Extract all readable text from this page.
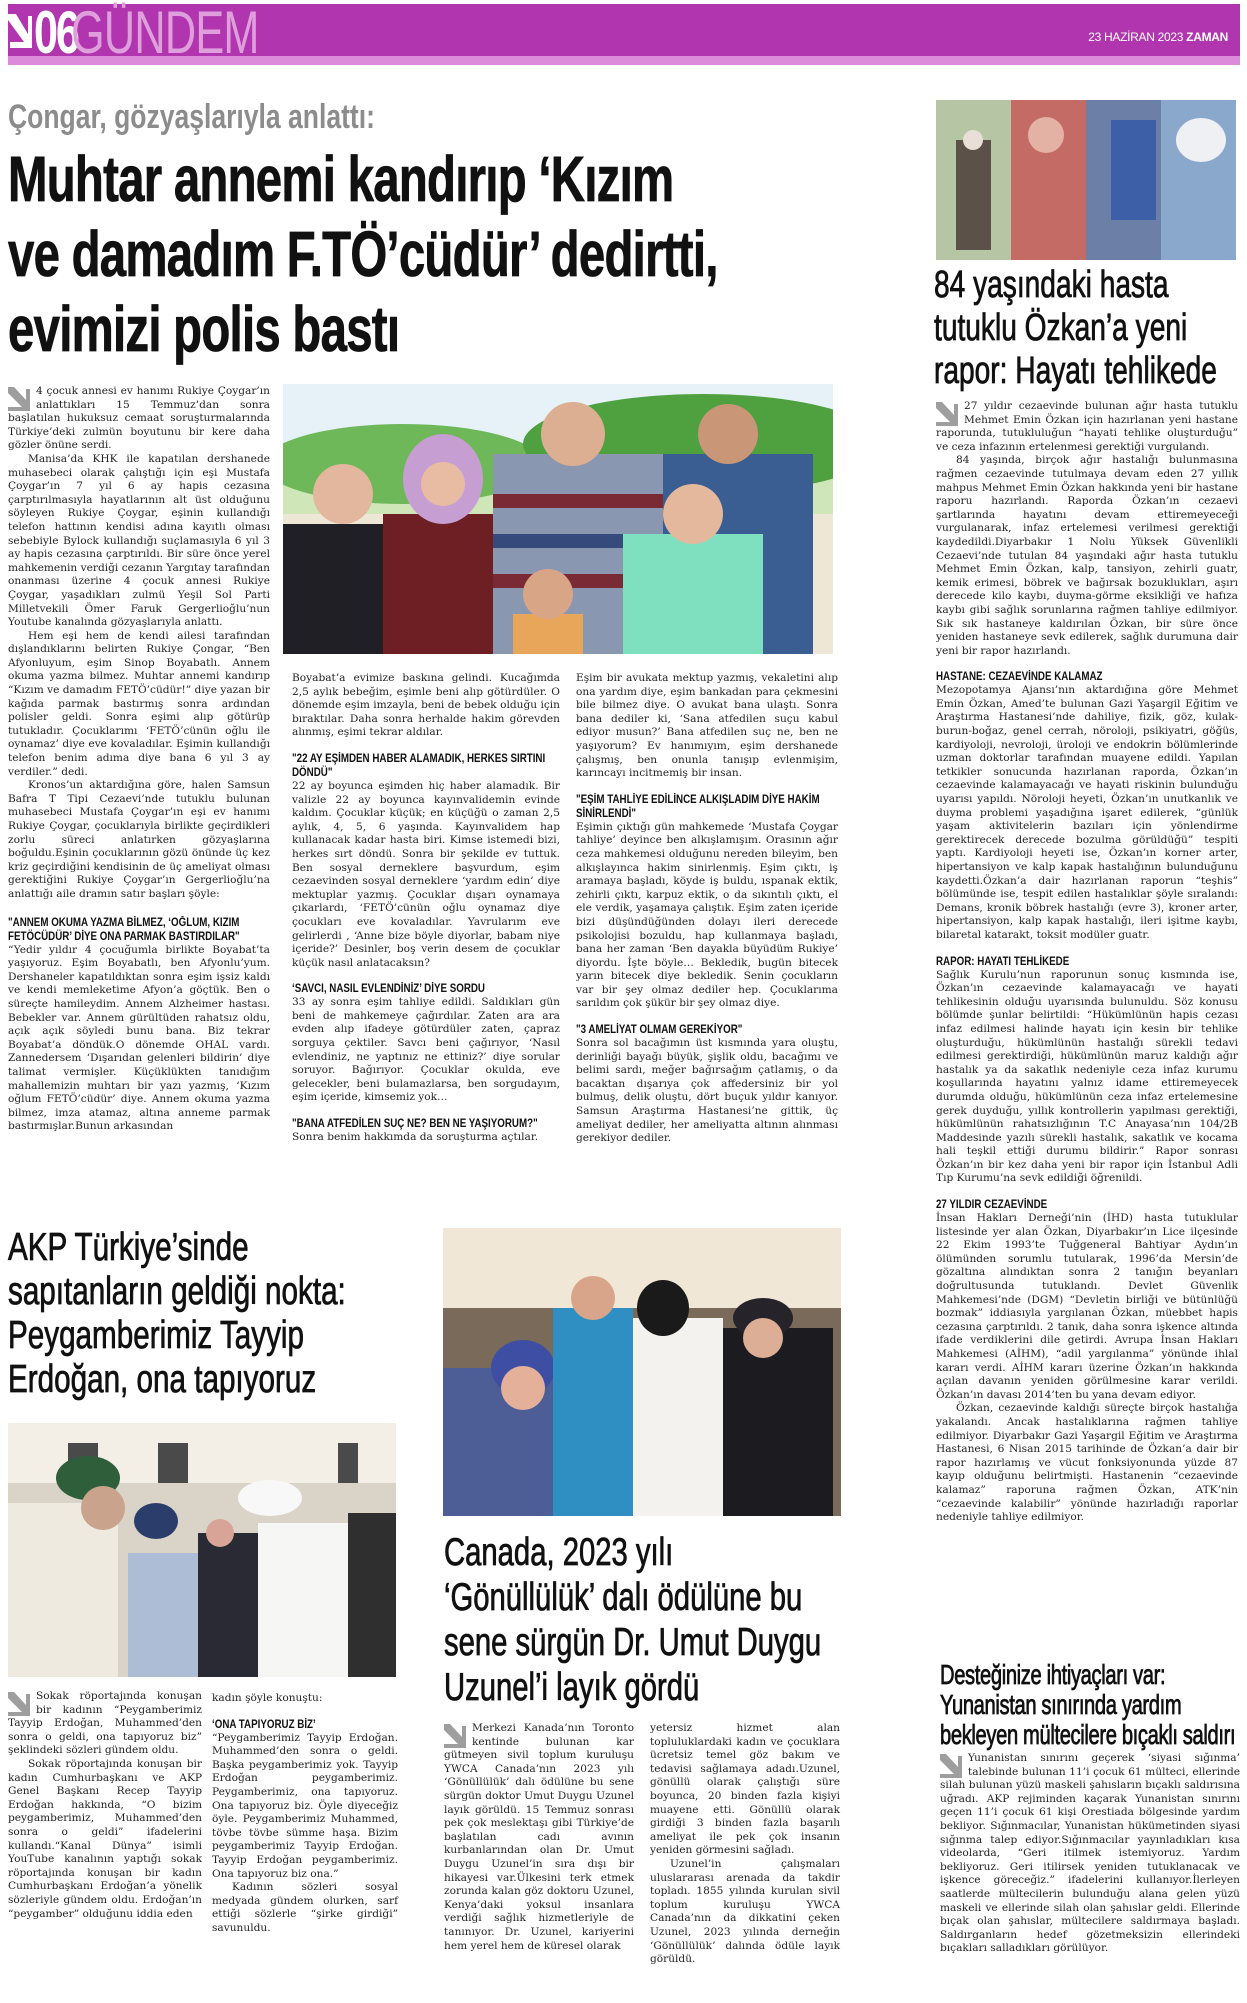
06
GÜNDEM	23 HAZİRAN 2023 ZAMAN
Çongar, gözyaşlarıyla anlattı:
Muhtar annemi kandırıp ‘Kızım
ve damadım F.TÖ’cüdür’ dedirtti,
evimizi polis bastı

4 çocuk annesi ev hanımı Rukiye Çoygar’ın anlattıkları 15 Temmuz’dan sonra başlatılan hukuksuz cemaat soruşturmalarında Türkiye’deki zulmün boyutunu bir kere daha gözler önüne serdi.

Manisa’da KHK ile kapatılan dershanede muhasebeci olarak çalıştığı için eşi Mustafa Çoygar’ın 7 yıl 6 ay hapis cezasına çarptırılmasıyla hayatlarının alt üst olduğunu söyleyen Rukiye Çoygar, eşinin kullandığı telefon hattının kendisi adına kayıtlı olması sebebiyle Bylock kullandığı suçlamasıyla 6 yıl 3 ay hapis cezasına çarptırıldı. Bir süre önce yerel mahkemenin verdiği cezanın Yargıtay tarafından onanması üzerine 4 çocuk annesi Rukiye Çoygar, yaşadıkları zulmü Yeşil Sol Parti Milletvekili Ömer Faruk Gergerlioğlu’nun Youtube kanalında gözyaşlarıyla anlattı.

Hem eşi hem de kendi ailesi tarafından dışlandıklarını belirten Rukiye Çongar, “Ben Afyonluyum, eşim Sinop Boyabatlı. Annem okuma yazma bilmez. Muhtar annemi kandırıp “Kızım ve damadım FETÖ’cüdür!” diye yazan bir kağıda parmak bastırmış sonra ardından polisler geldi. Sonra eşimi alıp götürüp tutukladır. Çocuklarımı ‘FETÖ’cünün oğlu ile oynamaz’ diye eve kovaladılar. Eşimin kullandığı telefon benim adıma diye bana 6 yıl 3 ay verdiler.” dedi.

Kronos’un aktardığına göre, halen Samsun Bafra T Tipi Cezaevi’nde tutuklu bulunan muhasebeci Mustafa Çoygar’ın eşi ev hanımı Rukiye Çoygar, çocuklarıyla birlikte geçirdikleri zorlu süreci anlatırken gözyaşlarına boğuldu.Eşinin çocuklarının gözü önünde üç kez kriz geçirdiğini kendisinin de üç ameliyat olması gerektiğini Rukiye Çoygar’ın Gergerlioğlu’na anlattığı aile dramın satır başları şöyle:

"ANNEM OKUMA YAZMA BİLMEZ, ‘OĞLUM, KIZIM FETÖCÜDÜR’ DİYE ONA PARMAK BASTIRDILAR"

“Yedir yıldır 4 çocuğumla birlikte Boyabat’ta yaşıyoruz. Eşim Boyabatlı, ben Afyonlu’yum. Dershaneler kapatıldıktan sonra eşim işsiz kaldı ve kendi memleketime Afyon’a göçtük. Ben o süreçte hamileydim. Annem Alzheimer hastası. Bebekler var. Annem gürültüden rahatsız oldu, açık açık söyledi bunu bana. Biz tekrar Boyabat’a döndük.O dönemde OHAL vardı. Zannedersem ‘Dışarıdan gelenleri bildirin’ diye talimat vermişler. Küçüklükten tanıdığım mahallemizin muhtarı bir yazı yazmış, ‘Kızım oğlum FETÖ’cüdür’ diye. Annem okuma yazma bilmez, imza atamaz, altına anneme parmak bastırmışlar.Bunun arkasından

Boyabat’a evimize baskına gelindi. Kucağımda 2,5 aylık bebeğim, eşimle beni alıp götürdüler. O dönemde eşim imzayla, beni de bebek olduğu için bıraktılar. Daha sonra herhalde hakim görevden alınmış, eşimi tekrar aldılar.

"22 AY EŞİMDEN HABER ALAMADIK, HERKES SIRTINI DÖNDÜ"

22 ay boyunca eşimden hiç haber alamadık. Bir valizle 22 ay boyunca kayınvalidemin evinde kaldım. Çocuklar küçük; en küçüğü o zaman 2,5 aylık, 4, 5, 6 yaşında. Kayınvalidem hap kullanacak kadar hasta biri. Kimse istemedi bizi, herkes sırt döndü. Sonra bir şekilde ev tuttuk. Ben sosyal derneklere başvurdum, eşim cezaevinden sosyal derneklere ‘yardım edin’ diye mektuplar yazmış. Çocuklar dışarı oynamaya çıkarlardı, ‘FETÖ’cünün oğlu oynamaz diye çocukları eve kovaladılar. Yavrularım eve gelirlerdi , ‘Anne bize böyle diyorlar, babam niye içeride?’ Desinler, boş verin desem de çocuklar küçük nasıl anlatacaksın?

‘SAVCI, NASIL EVLENDİNİZ’ DİYE SORDU

33 ay sonra eşim tahliye edildi. Saldıkları gün beni de mahkemeye çağırdılar. Zaten ara ara evden alıp ifadeye götürdüler zaten, çapraz sorguya çektiler. Savcı beni çağırıyor, ‘Nasıl evlendiniz, ne yaptınız ne ettiniz?’ diye sorular soruyor. Bağırıyor. Çocuklar okulda, eve gelecekler, beni bulamazlarsa, ben sorgudayım, eşim içeride, kimsemiz yok…

"BANA ATFEDİLEN SUÇ NE? BEN NE YAŞIYORUM?"

Sonra benim hakkımda da soruşturma açtılar.

Eşim bir avukata mektup yazmış, vekaletini alıp ona yardım diye, eşim bankadan para çekmesini bile bilmez diye. O avukat bana ulaştı. Sonra bana dediler ki, ‘Sana atfedilen suçu kabul ediyor musun?’ Bana atfedilen suç ne, ben ne yaşıyorum? Ev hanımıyım, eşim dershanede çalışmış, ben onunla tanışıp evlenmişim, karıncayı incitmemiş bir insan.

"EŞİM TAHLİYE EDİLİNCE ALKIŞLADIM DİYE HAKİM SİNİRLENDİ"

Eşimin çıktığı gün mahkemede ‘Mustafa Çoygar tahliye’ deyince ben alkışlamışım. Orasının ağır ceza mahkemesi olduğunu nereden bileyim, ben alkışlayınca hakim sinirlenmiş. Eşim çıktı, iş aramaya başladı, köyde iş buldu, ıspanak ektik, zehirli çıktı, karpuz ektik, o da sıkıntılı çıktı, el ele verdik, yaşamaya çalıştık. Eşim zaten içeride bizi düşündüğünden dolayı ileri derecede psikolojisi bozuldu, hap kullanmaya başladı, bana her zaman ‘Ben dayakla büyüdüm Rukiye’ diyordu. İşte böyle… Bekledik, bugün bitecek yarın bitecek diye bekledik. Senin çocukların var bir şey olmaz dediler hep. Çocuklarıma sarıldım çok şükür bir şey olmaz diye.

"3 AMELİYAT OLMAM GEREKİYOR"

Sonra sol bacağımın üst kısmında yara oluştu, derinliği bayağı büyük, şişlik oldu, bacağımı ve belimi sardı, meğer bağırsağım çatlamış, o da bacaktan dışarıya çok affedersiniz bir yol bulmuş, delik oluştu, dört buçuk yıldır kanıyor. Samsun Araştırma Hastanesi’ne gittik, üç ameliyat dediler, her ameliyatta altının alınması gerekiyor dediler.

84 yaşındaki hasta
tutuklu Özkan’a yeni
rapor: Hayatı tehlikede

27 yıldır cezaevinde bulunan ağır hasta tutuklu Mehmet Emin Özkan için hazırlanan yeni hastane raporunda, tutukluluğun “hayati tehlike oluşturduğu” ve ceza infazının ertelenmesi gerektiği vurgulandı.

84 yaşında, birçok ağır hastalığı bulunmasına rağmen cezaevinde tutulmaya devam eden 27 yıllık mahpus Mehmet Emin Özkan hakkında yeni bir hastane raporu hazırlandı. Raporda Özkan’ın cezaevi şartlarında hayatını devam ettiremeyeceği vurgulanarak, infaz ertelemesi verilmesi gerektiği kaydedildi.Diyarbakır 1 Nolu Yüksek Güvenlikli Cezaevi’nde tutulan 84 yaşındaki ağır hasta tutuklu Mehmet Emin Özkan, kalp, tansiyon, zehirli guatr, kemik erimesi, böbrek ve bağırsak bozuklukları, aşırı derecede kilo kaybı, duyma-görme eksikliği ve hafıza kaybı gibi sağlık sorunlarına rağmen tahliye edilmiyor. Sık sık hastaneye kaldırılan Özkan, bir süre önce yeniden hastaneye sevk edilerek, sağlık durumuna dair yeni bir rapor hazırlandı.

HASTANE: CEZAEVİNDE KALAMAZ

Mezopotamya Ajansı’nın aktardığına göre Mehmet Emin Özkan, Amed’te bulunan Gazi Yaşargil Eğitim ve Araştırma Hastanesi’nde dahiliye, fizik, göz, kulak-burun-boğaz, genel cerrah, nöroloji, psikiyatri, göğüs, kardiyoloji, nevroloji, üroloji ve endokrin bölümlerinde uzman doktorlar tarafından muayene edildi. Yapılan tetkikler sonucunda hazırlanan raporda, Özkan’ın cezaevinde kalamayacağı ve hayati riskinin bulunduğu uyarısı yapıldı. Nöroloji heyeti, Özkan’ın unutkanlık ve duyma problemi yaşadığına işaret edilerek, “günlük yaşam aktivitelerin bazıları için yönlendirme gerektirecek derecede bozulma görüldüğü” tespiti yaptı. Kardiyoloji heyeti ise, Özkan’ın korner arter, hipertansiyon ve kalp kapak hastalığının bulunduğunu kaydetti.Özkan’a dair hazırlanan raporun “teşhis” bölümünde ise, tespit edilen hastalıklar şöyle sıralandı: Demans, kronik böbrek hastalığı (evre 3), kroner arter, hipertansiyon, kalp kapak hastalığı, ileri işitme kaybı, bilaretal katarakt, toksit modüler guatr.

RAPOR: HAYATI TEHLİKEDE

Sağlık Kurulu’nun raporunun sonuç kısmında ise, Özkan’ın cezaevinde kalamayacağı ve hayati tehlikesinin olduğu uyarısında bulunuldu. Söz konusu bölümde şunlar belirtildi: “Hükümlünün hapis cezası infaz edilmesi halinde hayatı için kesin bir tehlike oluşturduğu, hükümlünün hastalığı sürekli tedavi edilmesi gerektirdiği, hükümlünün maruz kaldığı ağır hastalık ya da sakatlık nedeniyle ceza infaz kurumu koşullarında hayatını yalnız idame ettiremeyecek durumda olduğu, hükümlünün ceza infaz ertelemesine gerek duyduğu, yıllık kontrollerin yapılması gerektiği, hükümlünün rahatsızlığının T.C Anayasa’nın 104/2B Maddesinde yazılı sürekli hastalık, sakatlık ve kocama hali teşkil ettiği durumu bildirir.” Rapor sonrası Özkan’ın bir kez daha yeni bir rapor için İstanbul Adli Tıp Kurumu’na sevk edildiği öğrenildi.

27 YILDIR CEZAEVİNDE

İnsan Hakları Derneği’nin (İHD) hasta tutuklular listesinde yer alan Özkan, Diyarbakır’ın Lice ilçesinde 22 Ekim 1993’te Tuğgeneral Bahtiyar Aydın’ın ölümünden sorumlu tutularak, 1996’da Mersin’de gözaltına alındıktan sonra 2 tanığın beyanları doğrultusunda tutuklandı. Devlet Güvenlik Mahkemesi’nde (DGM) “Devletin birliği ve bütünlüğü bozmak” iddiasıyla yargılanan Özkan, müebbet hapis cezasına çarptırıldı. 2 tanık, daha sonra işkence altında ifade verdiklerini dile getirdi. Avrupa İnsan Hakları Mahkemesi (AİHM), “adil yargılanma” yönünde ihlal kararı verdi. AİHM kararı üzerine Özkan’ın hakkında açılan davanın yeniden görülmesine karar verildi. Özkan’ın davası 2014’ten bu yana devam ediyor.

Özkan, cezaevinde kaldığı süreçte birçok hastalığa yakalandı. Ancak hastalıklarına rağmen tahliye edilmiyor. Diyarbakır Gazi Yaşargil Eğitim ve Araştırma Hastanesi, 6 Nisan 2015 tarihinde de Özkan’a dair bir rapor hazırlamış ve vücut fonksiyonunda yüzde 87 kayıp olduğunu belirtmişti. Hastanenin “cezaevinde kalamaz” raporuna rağmen Özkan, ATK’nin “cezaevinde kalabilir” yönünde hazırladığı raporlar nedeniyle tahliye edilmiyor.

AKP Türkiye’sinde
sapıtanların geldiği nokta:
Peygamberimiz Tayyip
Erdoğan, ona tapıyoruz

Sokak röportajında konuşan bir kadının “Peygamberimiz Tayyip Erdoğan, Muhammed’den sonra o geldi, ona tapıyoruz biz” şeklindeki sözleri gündem oldu.

Sokak röportajında konuşan bir kadın Cumhurbaşkanı ve AKP Genel Başkanı Recep Tayyip Erdoğan hakkında, “O bizim peygamberimiz, Muhammed’den sonra o geldi” ifadelerini kullandı.“Kanal Dünya” isimli YouTube kanalının yaptığı sokak röportajında konuşan bir kadın Cumhurbaşkanı Erdoğan’a yönelik sözleriyle gündem oldu. Erdoğan’ın “peygamber” olduğunu iddia eden

kadın şöyle konuştu:

‘ONA TAPIYORUZ BİZ’

“Peygamberimiz Tayyip Erdoğan. Muhammed’den sonra o geldi. Başka peygamberimiz yok. Tayyip Erdoğan peygamberimiz. Peygamberimiz, ona tapıyoruz. Ona tapıyoruz biz. Öyle diyeceğiz öyle. Peygamberimiz Muhammed, tövbe tövbe sümme haşa. Bizim peygamberimiz Tayyip Erdoğan. Tayyip Erdoğan peygamberimiz. Ona tapıyoruz biz ona.”

Kadının sözleri sosyal medyada gündem olurken, sarf ettiği sözlerle “şirke girdiği” savunuldu.

Canada, 2023 yılı
‘Gönüllülük’ dalı ödülüne bu
sene sürgün Dr. Umut Duygu
Uzunel’i layık gördü

Merkezi Kanada’nın Toronto kentinde bulunan kar gütmeyen sivil toplum kuruluşu YWCA Canada’nın 2023 yılı ‘Gönüllülük’ dalı ödülüne bu sene sürgün doktor Umut Duygu Uzunel layık görüldü. 15 Temmuz sonrası pek çok meslektaşı gibi Türkiye’de başlatılan cadı avının kurbanlarından olan Dr. Umut Duygu Uzunel’in sıra dışı bir hikayesi var.Ülkesini terk etmek zorunda kalan göz doktoru Uzunel, Kenya’daki yoksul insanlara verdiği sağlık hizmetleriyle de tanınıyor. Dr. Uzunel, kariyerini hem yerel hem de küresel olarak

yetersiz hizmet alan topluluklardaki kadın ve çocuklara ücretsiz temel göz bakım ve tedavisi sağlamaya adadı.Uzunel, gönüllü olarak çalıştığı süre boyunca, 20 binden fazla kişiyi muayene etti. Gönüllü olarak girdiği 3 binden fazla başarılı ameliyat ile pek çok insanın yeniden görmesini sağladı.

Uzunel’in çalışmaları uluslararası arenada da takdir topladı. 1855 yılında kurulan sivil toplum kuruluşu YWCA Canada’nın da dikkatini çeken Uzunel, 2023 yılında derneğin ‘Gönüllülük’ dalında ödüle layık görüldü.

Desteğinize ihtiyaçları var:
Yunanistan sınırında yardım
bekleyen mültecilere bıçaklı saldırı

Yunanistan sınırını geçerek ‘siyasi sığınma’ talebinde bulunan 11’i çocuk 61 mülteci, ellerinde silah bulunan yüzü maskeli şahısların bıçaklı saldırısına uğradı. AKP rejiminden kaçarak Yunanistan sınırını geçen 11’i çocuk 61 kişi Orestiada bölgesinde yardım bekliyor. Sığınmacılar, Yunanistan hükümetinden siyasi sığınma talep ediyor.Sığınmacılar yayınladıkları kısa videolarda, “Geri itilmek istemiyoruz. Yardım bekliyoruz. Geri itilirsek yeniden tutuklanacak ve işkence göreceğiz.” ifadelerini kullanıyor.İlerleyen saatlerde mültecilerin bulunduğu alana gelen yüzü maskeli ve ellerinde silah olan şahıslar geldi. Ellerinde bıçak olan şahıslar, mültecilere saldırmaya başladı. Saldırganların hedef gözetmeksizin ellerindeki bıçakları salladıkları görülüyor.
